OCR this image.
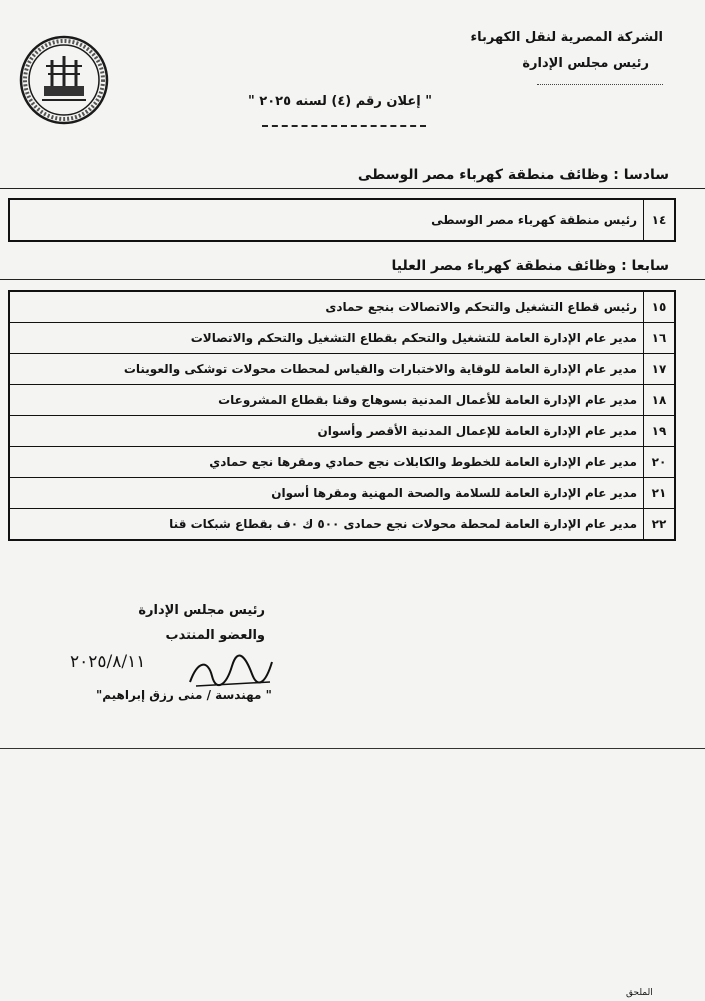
الشركة المصرية لنقل الكهرباء
رئيس مجلس الإدارة
" إعلان رقم (٤) لسنه ٢٠٢٥ "
سادسا : وظائف منطقة كهرباء مصر الوسطى
١٤
رئيس منطقة كهرباء مصر الوسطى
سابعا : وظائف منطقة كهرباء مصر العليا
١٥
رئيس قطاع التشغيل والتحكم والاتصالات بنجع حمادى
١٦
مدير عام الإدارة العامة للتشغيل والتحكم بقطاع التشغيل والتحكم والاتصالات
١٧
مدير عام الإدارة العامة للوقاية والاختبارات والقياس لمحطات محولات توشكى والعوينات
١٨
مدير عام الإدارة العامة للأعمال المدنية بسوهاج وقنا بقطاع المشروعات
١٩
مدير عام الإدارة العامة للإعمال المدنية الأقصر وأسوان
٢٠
مدير عام الإدارة العامة للخطوط والكابلات نجع حمادي ومقرها نجع حمادي
٢١
مدير عام الإدارة العامة للسلامة والصحة المهنية ومقرها أسوان
٢٢
مدير عام الإدارة العامة لمحطة محولات نجع حمادى ٥٠٠ ك ٠ف بقطاع شبكات قنا
رئيس مجلس الإدارة
والعضو المنتدب
٢٠٢٥/٨/١١
" مهندسة / منى رزق إبراهيم"
الملحق
